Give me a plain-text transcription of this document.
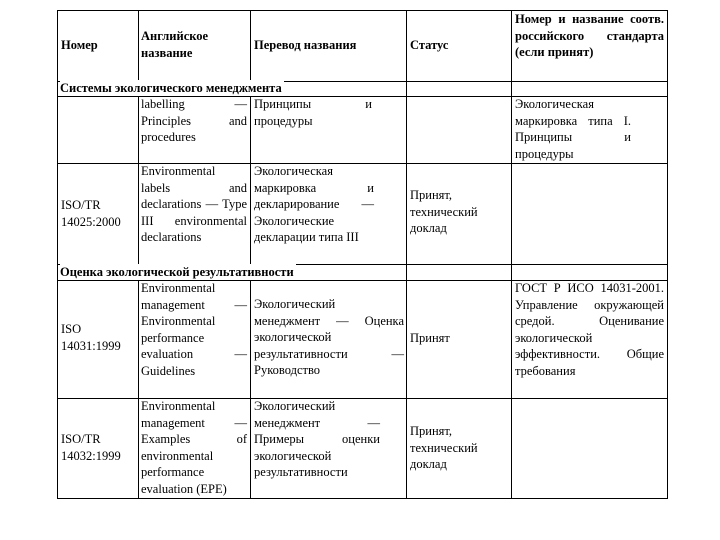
Номер
Английское название
Перевод названия	Статус
Номер и название соотв. российского стандарта (если принят)
Системы экологического менеджмента
labelling — Principles and procedures
Принципы и процедуры
Экологическая маркировка типа I. Принципы и процедуры
ISO/TR 14025:2000
Environmental labels and declarations — Type III environmental declarations
Экологическая маркировка и декларирование — Экологические декларации типа III
Принят, технический доклад
Оценка экологической результативности
ISO 14031:1999
Environmental management — Environmental performance evaluation — Guidelines
Экологический менеджмент — Оценка экологической результативности — Руководство
Принят
ГОСТ Р ИСО 14031-2001. Управление окружающей средой. Оценивание экологической эффективности. Общие требования
ISO/TR 14032:1999
Environmental management — Examples of environmental performance evaluation (EPE)
Экологический менеджмент — Примеры оценки экологической результативности
Принят, технический доклад
